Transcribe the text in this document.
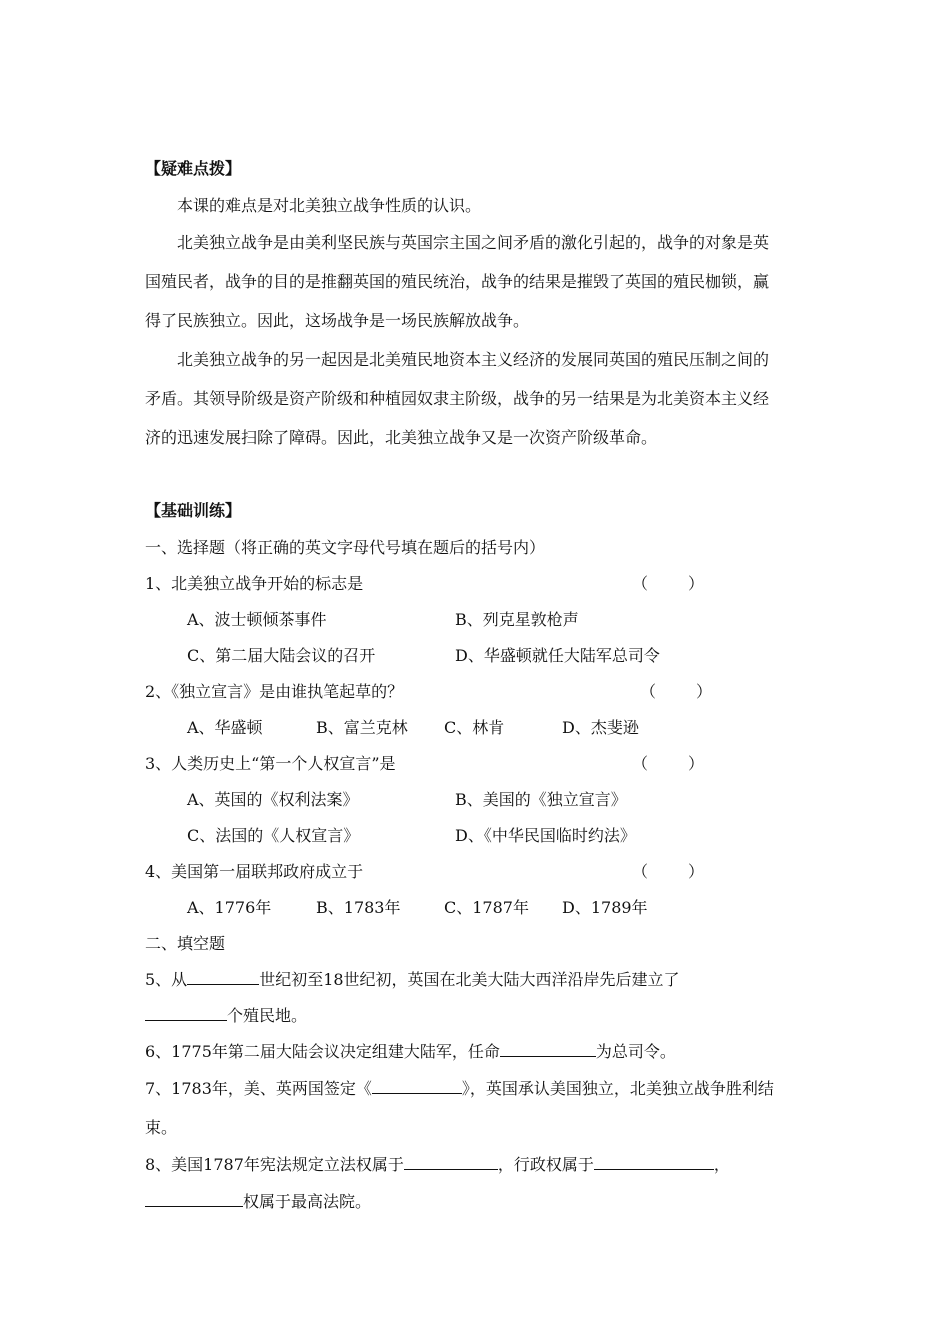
【疑难点拨】
本课的难点是对北美独立战争性质的认识。
北美独立战争是由美利坚民族与英国宗主国之间矛盾的激化引起的，战争的对象是英
国殖民者，战争的目的是推翻英国的殖民统治，战争的结果是摧毁了英国的殖民枷锁，赢
得了民族独立。因此，这场战争是一场民族解放战争。
北美独立战争的另一起因是北美殖民地资本主义经济的发展同英国的殖民压制之间的
矛盾。其领导阶级是资产阶级和种植园奴隶主阶级，战争的另一结果是为北美资本主义经
济的迅速发展扫除了障碍。因此，北美独立战争又是一次资产阶级革命。
【基础训练】
一、选择题（将正确的英文字母代号填在题后的括号内）
1、北美独立战争开始的标志是	（	）
A、波士顿倾茶事件	B、列克星敦枪声
C、第二届大陆会议的召开	D、华盛顿就任大陆军总司令
2、《独立宣言》是由谁执笔起草的？	（	）
A、华盛顿	B、富兰克林 C、林肯	D、杰斐逊
3、人类历史上“第一个人权宣言”是	（	）
A、英国的《权利法案》	B、美国的《独立宣言》
C、法国的《人权宣言》	D、《中华民国临时约法》
4、美国第一届联邦政府成立于	（	）
A、1776年	B、1783年	C、1787年 D、1789年
二、填空题
5、从	世纪初至18世纪初，英国在北美大陆大西洋沿岸先后建立了
个殖民地。
6、1775年第二届大陆会议决定组建大陆军，任命	为总司令。
7、1783年，美、英两国签定《	》，英国承认美国独立，北美独立战争胜利结
束。
8、美国1787年宪法规定立法权属于	，行政权属于	，
权属于最高法院。
